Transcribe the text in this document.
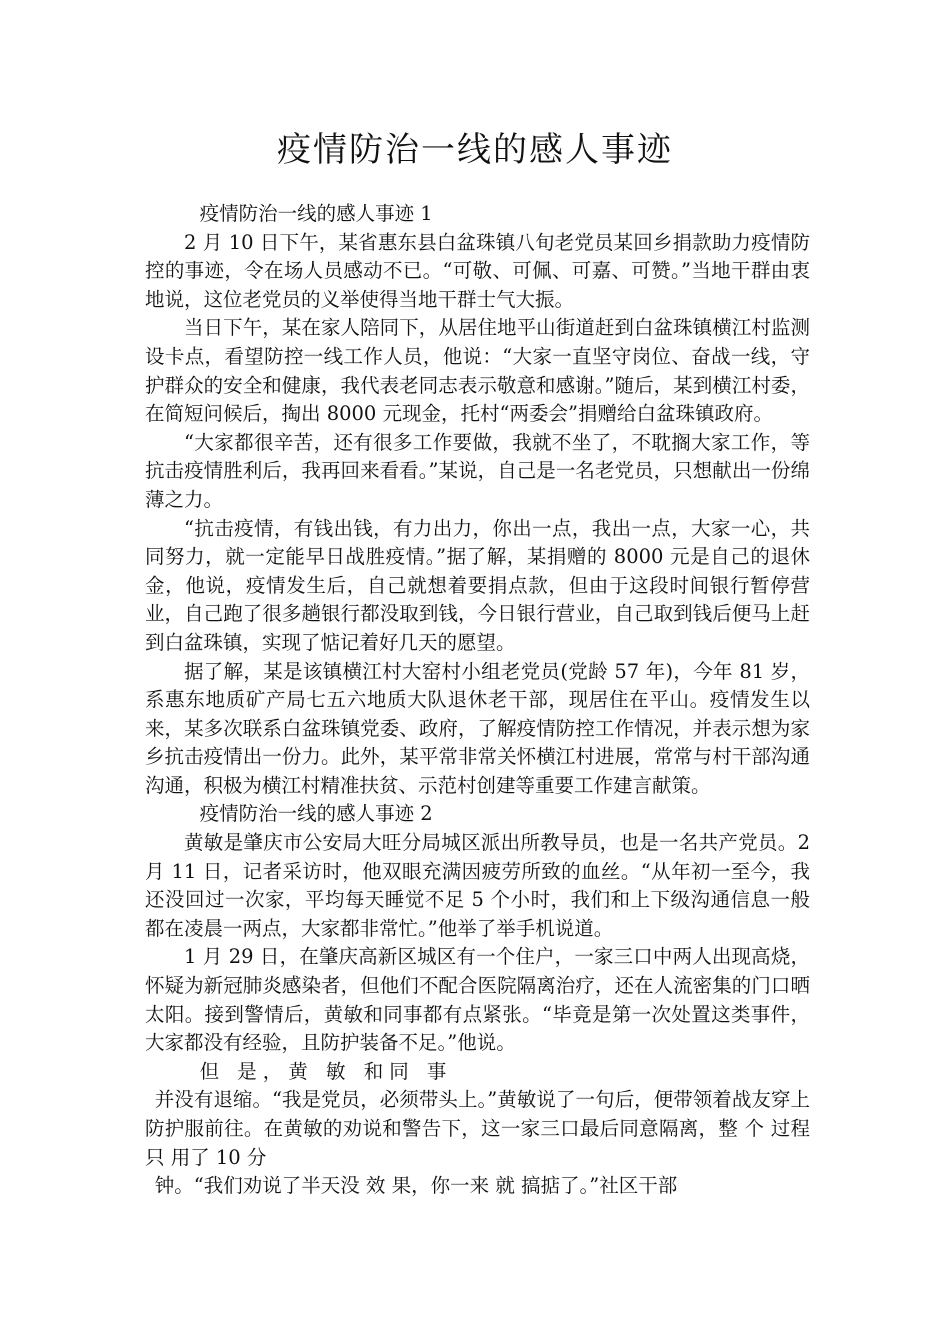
疫情防治一线的感人事迹

疫情防治一线的感人事迹 1

2 月 10 日下午，某省惠东县白盆珠镇八旬老党员某回乡捐款助力疫情防控的事迹，令在场人员感动不已。“可敬、可佩、可嘉、可赞。”当地干群由衷地说，这位老党员的义举使得当地干群士气大振。

当日下午，某在家人陪同下，从居住地平山街道赶到白盆珠镇横江村监测设卡点，看望防控一线工作人员，他说：“大家一直坚守岗位、奋战一线，守护群众的安全和健康，我代表老同志表示敬意和感谢。”随后，某到横江村委，在简短问候后，掏出 8000 元现金，托村“两委会”捐赠给白盆珠镇政府。

“大家都很辛苦，还有很多工作要做，我就不坐了，不耽搁大家工作，等抗击疫情胜利后，我再回来看看。”某说，自己是一名老党员，只想献出一份绵薄之力。

“抗击疫情，有钱出钱，有力出力，你出一点，我出一点，大家一心，共同努力，就一定能早日战胜疫情。”据了解，某捐赠的 8000 元是自己的退休金，他说，疫情发生后，自己就想着要捐点款，但由于这段时间银行暂停营业，自己跑了很多趟银行都没取到钱，今日银行营业，自己取到钱后便马上赶到白盆珠镇，实现了惦记着好几天的愿望。

据了解，某是该镇横江村大窑村小组老党员(党龄 57 年)，今年 81 岁，系惠东地质矿产局七五六地质大队退休老干部，现居住在平山。疫情发生以来，某多次联系白盆珠镇党委、政府，了解疫情防控工作情况，并表示想为家乡抗击疫情出一份力。此外，某平常非常关怀横江村进展，常常与村干部沟通沟通，积极为横江村精准扶贫、示范村创建等重要工作建言献策。

疫情防治一线的感人事迹 2

黄敏是肇庆市公安局大旺分局城区派出所教导员，也是一名共产党员。2 月 11 日，记者采访时，他双眼充满因疲劳所致的血丝。“从年初一至今，我还没回过一次家，平均每天睡觉不足 5 个小时，我们和上下级沟通信息一般都在凌晨一两点，大家都非常忙。”他举了举手机说道。

1 月 29 日，在肇庆高新区城区有一个住户，一家三口中两人出现高烧，怀疑为新冠肺炎感染者，但他们不配合医院隔离治疗，还在人流密集的门口晒太阳。接到警情后，黄敏和同事都有点紧张。“毕竟是第一次处置这类事件，大家都没有经验，且防护装备不足。”他说。

但 是，黄 敏 和同 事

并没有退缩。“我是党员，必须带头上。”黄敏说了一句后，便带领着战友穿上防护服前往。在黄敏的劝说和警告下，这一家三口最后同意隔离，整 个 过程只 用了 10 分

钟。“我们劝说了半天没 效 果，你一来 就 搞掂了。”社区干部
